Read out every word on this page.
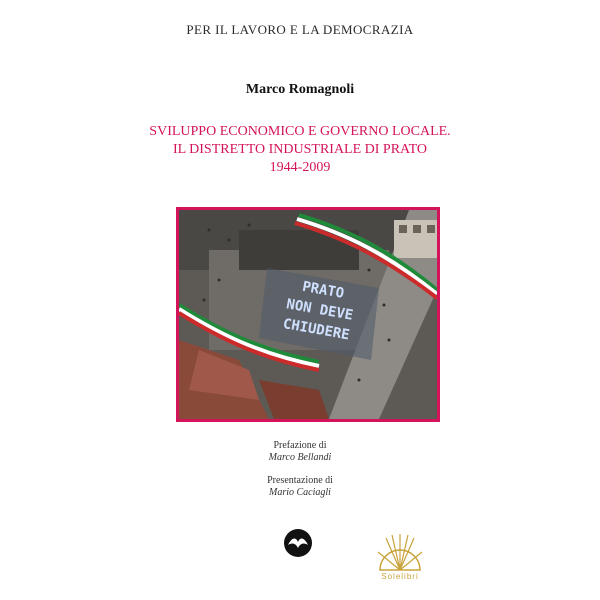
PER IL LAVORO E LA DEMOCRAZIA
Marco Romagnoli
SVILUPPO ECONOMICO E GOVERNO LOCALE.
IL DISTRETTO INDUSTRIALE DI PRATO
1944-2009
PRATO
NON DEVE
CHIUDERE
Prefazione di
Marco Bellandi
Presentazione di
Mario Caciagli
Solelibri
